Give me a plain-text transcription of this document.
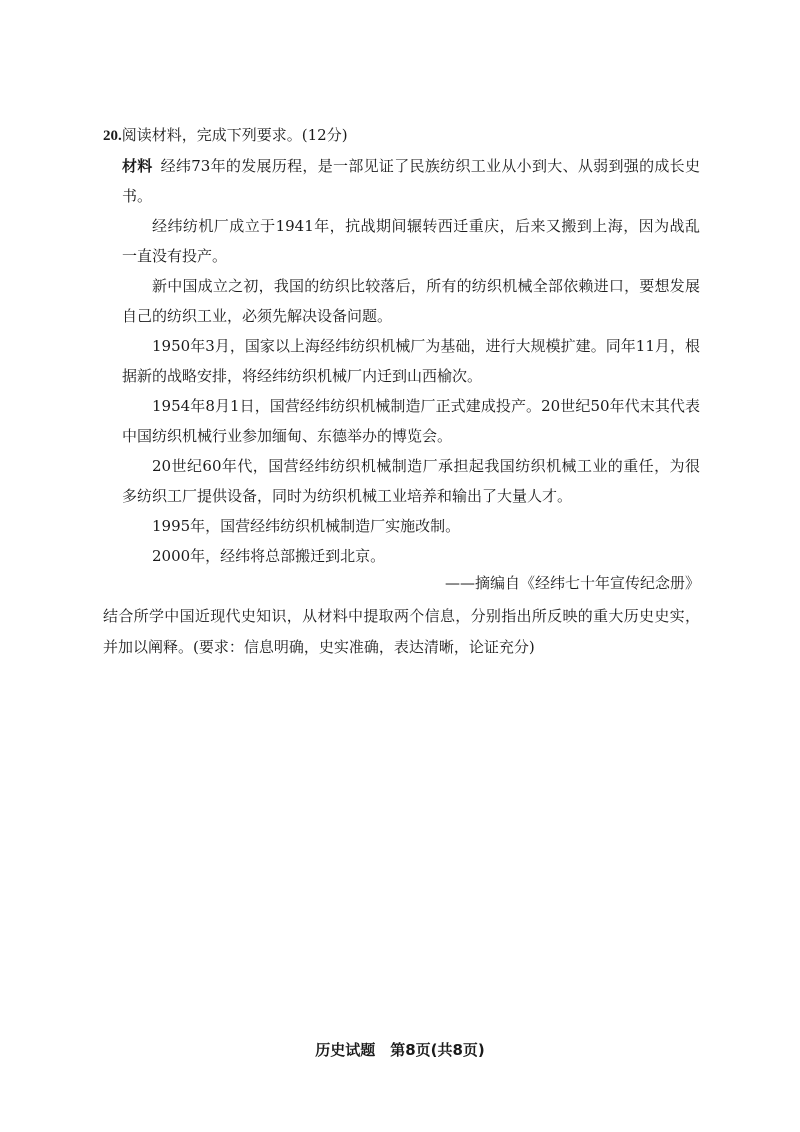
20.阅读材料，完成下列要求。(12分)
材料 经纬73年的发展历程，是一部见证了民族纺织工业从小到大、从弱到强的成长史书。
经纬纺机厂成立于1941年，抗战期间辗转西迁重庆，后来又搬到上海，因为战乱一直没有投产。
新中国成立之初，我国的纺织比较落后，所有的纺织机械全部依赖进口，要想发展自己的纺织工业，必须先解决设备问题。
1950年3月，国家以上海经纬纺织机械厂为基础，进行大规模扩建。同年11月，根据新的战略安排，将经纬纺织机械厂内迁到山西榆次。
1954年8月1日，国营经纬纺织机械制造厂正式建成投产。20世纪50年代末其代表中国纺织机械行业参加缅甸、东德举办的博览会。
20世纪60年代，国营经纬纺织机械制造厂承担起我国纺织机械工业的重任，为很多纺织工厂提供设备，同时为纺织机械工业培养和输出了大量人才。
1995年，国营经纬纺织机械制造厂实施改制。
2000年，经纬将总部搬迁到北京。
——摘编自《经纬七十年宣传纪念册》
结合所学中国近现代史知识，从材料中提取两个信息，分别指出所反映的重大历史史实，并加以阐释。(要求：信息明确，史实准确，表达清晰，论证充分)
历史试题　第8页(共8页)
